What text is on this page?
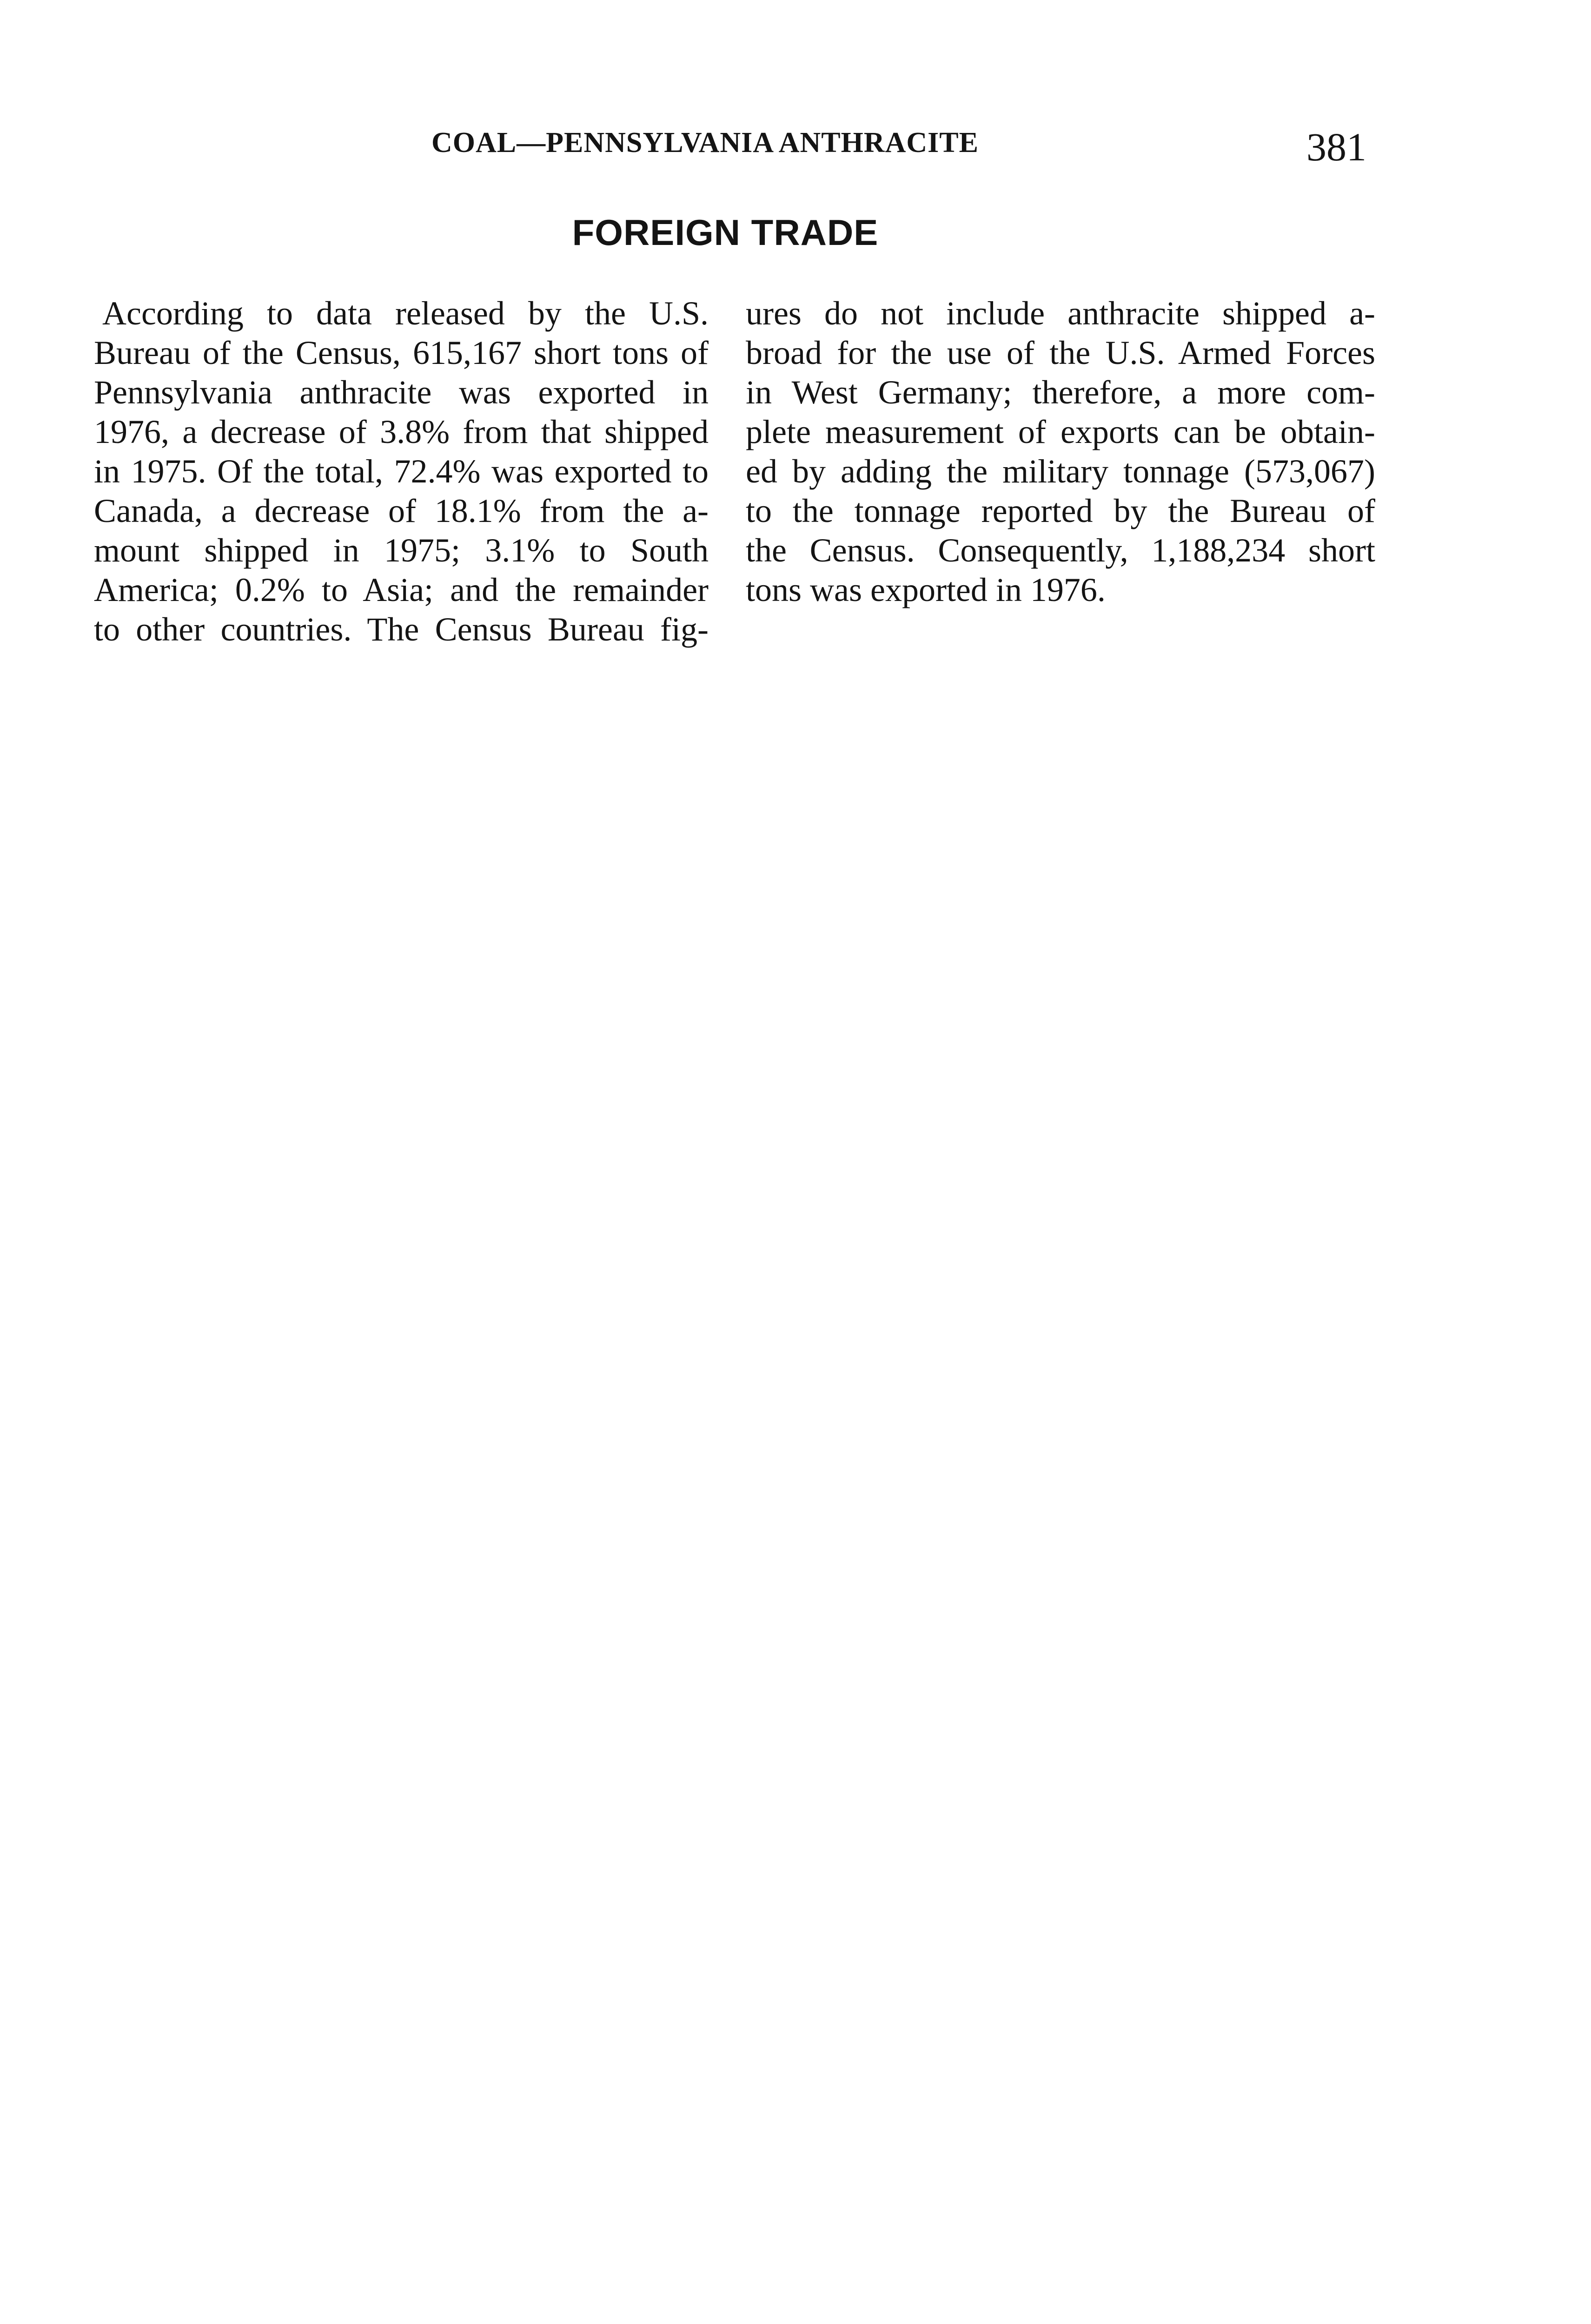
COAL—PENNSYLVANIA ANTHRACITE	381
FOREIGN TRADE
According to data released by the U.S.
Bureau of the Census, 615,167 short tons of
Pennsylvania anthracite was exported in
1976, a decrease of 3.8% from that shipped
in 1975. Of the total, 72.4% was exported to
Canada, a decrease of 18.1% from the a-
mount shipped in 1975; 3.1% to South
America; 0.2% to Asia; and the remainder
to other countries. The Census Bureau fig-
ures do not include anthracite shipped a-
broad for the use of the U.S. Armed Forces
in West Germany; therefore, a more com-
plete measurement of exports can be obtain-
ed by adding the military tonnage (573,067)
to the tonnage reported by the Bureau of
the Census. Consequently, 1,188,234 short
tons was exported in 1976.
